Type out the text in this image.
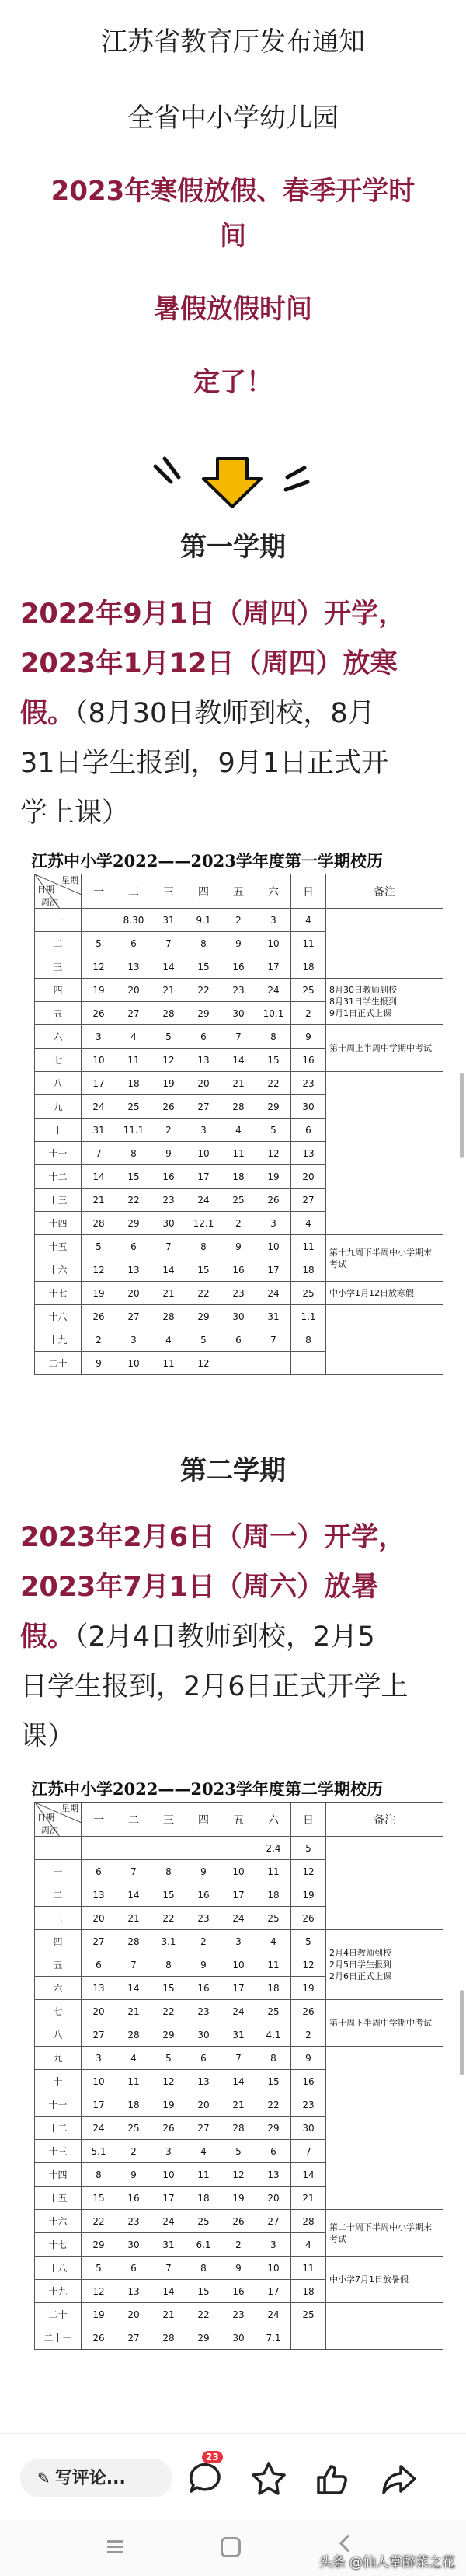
江苏省教育厅发布通知
全省中小学幼儿园
2023年寒假放假、春季开学时
间
暑假放假时间
定了！
第一学期
2022年9月1日（周四）开学，
2023年1月12日（周四）放寒
假。（8月30日教师到校，8月
31日学生报到，9月1日正式开
学上课）
江苏中小学2022——2023学年度第一学期校历
星期
日期
周次	一	二	三	四	五	六	日	备注
一		8.30	31	9.1	2	3	4	
二	5	6	7	8	9	10	11	
三	12	13	14	15	16	17	18	
四	19	20	21	22	23	24	25	8月30日教师到校
8月31日学生报到
9月1日正式上课
五	26	27	28	29	30	10.1	2	
六	3	4	5	6	7	8	9	第十周上半周中学期中考试
七	10	11	12	13	14	15	16	
八	17	18	19	20	21	22	23	
九	24	25	26	27	28	29	30	
十	31	11.1	2	3	4	5	6	
十一	7	8	9	10	11	12	13	
十二	14	15	16	17	18	19	20	
十三	21	22	23	24	25	26	27	
十四	28	29	30	12.1	2	3	4	
十五	5	6	7	8	9	10	11	第十九周下半周中小学期末考试
十六	12	13	14	15	16	17	18	
十七	19	20	21	22	23	24	25	中小学1月12日放寒假
十八	26	27	28	29	30	31	1.1	
十九	2	3	4	5	6	7	8	
二十	9	10	11	12				
第二学期
2023年2月6日（周一）开学，
2023年7月1日（周六）放暑
假。（2月4日教师到校，2月5
日学生报到，2月6日正式开学上
课）
江苏中小学2022——2023学年度第二学期校历
星期
日期
周次	一	二	三	四	五	六	日	备注
						2.4	5	
一	6	7	8	9	10	11	12	
二	13	14	15	16	17	18	19	
三	20	21	22	23	24	25	26	
四	27	28	3.1	2	3	4	5	2月4日教师到校
2月5日学生报到
2月6日正式上课
五	6	7	8	9	10	11	12	
六	13	14	15	16	17	18	19	
七	20	21	22	23	24	25	26	第十周下半周中学期中考试
八	27	28	29	30	31	4.1	2	
九	3	4	5	6	7	8	9	
十	10	11	12	13	14	15	16	
十一	17	18	19	20	21	22	23	
十二	24	25	26	27	28	29	30	
十三	5.1	2	3	4	5	6	7	
十四	8	9	10	11	12	13	14	
十五	15	16	17	18	19	20	21	
十六	22	23	24	25	26	27	28	第二十周下半周中小学期末考试
十七	29	30	31	6.1	2	3	4	
十八	5	6	7	8	9	10	11	中小学7月1日放暑假
十九	12	13	14	15	16	17	18	
二十	19	20	21	22	23	24	25	
二十一	26	27	28	29	30	7.1		
✎ 写评论...
23
头条 @仙人掌醉菜之花
